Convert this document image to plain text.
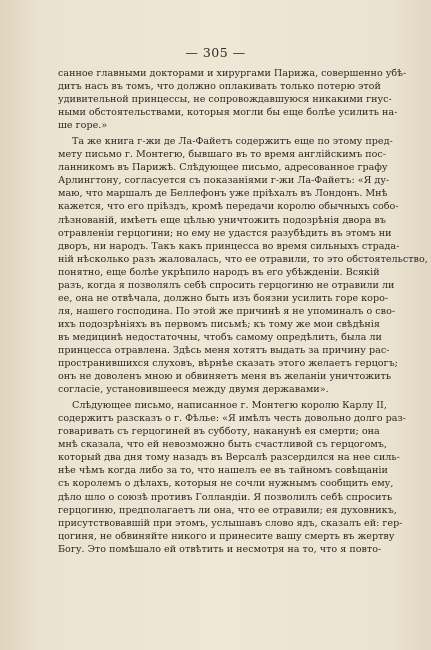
— 305 —
саннoе главными докторами и хирургами Парижа, совершенно убѣ-
дитъ насъ въ томъ, что должно оплакивать только потерю этой
удивительной принцессы, не сопровождавшуюся никакими гнус-
ными обстоятельствами, которыя могли бы еще болѣе усилить на-
ше горе.»
Та же книга г-жи де Ла-Файетъ содержитъ еще по этому пред-
мету письмо г. Монтегю, бывшаго въ то время англійскимъ пос-
ланникомъ въ Парижѣ. Слѣдующее письмо, адресованное графу
Арлингтону, согласуется съ показаніями г-жи Ла-Файетъ: «Я ду-
маю, что маршалъ де Беллефонъ уже пріѣхалъ въ Лондонъ. Мнѣ
кажется, что его пріѣздъ, кромѣ передачи королю обычныхъ собо-
лѣзнованій, имѣетъ еще цѣлью уничтожить подозрѣнія двора въ
отравленіи герцогини; но ему не удастся разубѣдить въ этомъ ни
дворъ, ни народъ. Такъ какъ принцесса во время сильныхъ страда-
ній нѣсколько разъ жаловалась, что ее отравили, то это обстоятельство,
понятно, еще болѣе укрѣпило народъ въ его убѣжденіи. Всякій
разъ, когда я позволялъ себѣ спросить герцогиню не отравили ли
ее, она не отвѣчала, должно быть изъ боязни усилить горе коро-
ля, нашего господина. По этой же причинѣ я не упоминалъ о сво-
ихъ подозрѣніяхъ въ первомъ письмѣ; къ тому же мои свѣдѣнія
въ медицинѣ недостаточны, чтобъ самому опредѣлить, была ли
принцесса отравлена. Здѣсь меня хотятъ выдать за причину рас-
пространившихся слуховъ, вѣрнѣе сказать этого желаетъ герцогъ;
онъ не доволенъ мною и обвиняетъ меня въ желаніи уничтожить
согласіе, установившееся между двумя державами».
Слѣдующее письмо, написанное г. Монтегю королю Карлу II,
содержитъ разсказъ о г. Фѣлье: «Я имѣлъ честь довольно долго раз-
говаривать съ герцогиней въ субботу, наканунѣ ея смерти; она
мнѣ сказала, что ей невозможно быть счастливой съ герцогомъ,
который два дня тому назадъ въ Версалѣ разсердился на нее силь-
нѣе чѣмъ когда либо за то, что нашелъ ее въ тайномъ совѣщаніи
съ королемъ о дѣлахъ, которыя не сочли нужнымъ сообщить ему,
дѣло шло о союзѣ противъ Голландіи. Я позволилъ себѣ спросить
герцогиню, предполагаетъ ли она, что ее отравили; ея духовникъ,
присутствовавшій при этомъ, услышавъ слово ядъ, сказалъ ей: гер-
цогиня, не обвиняйте никого и принесите вашу смерть въ жертву
Богу. Это помѣшало ей отвѣтить и несмотря на то, что я повто-
